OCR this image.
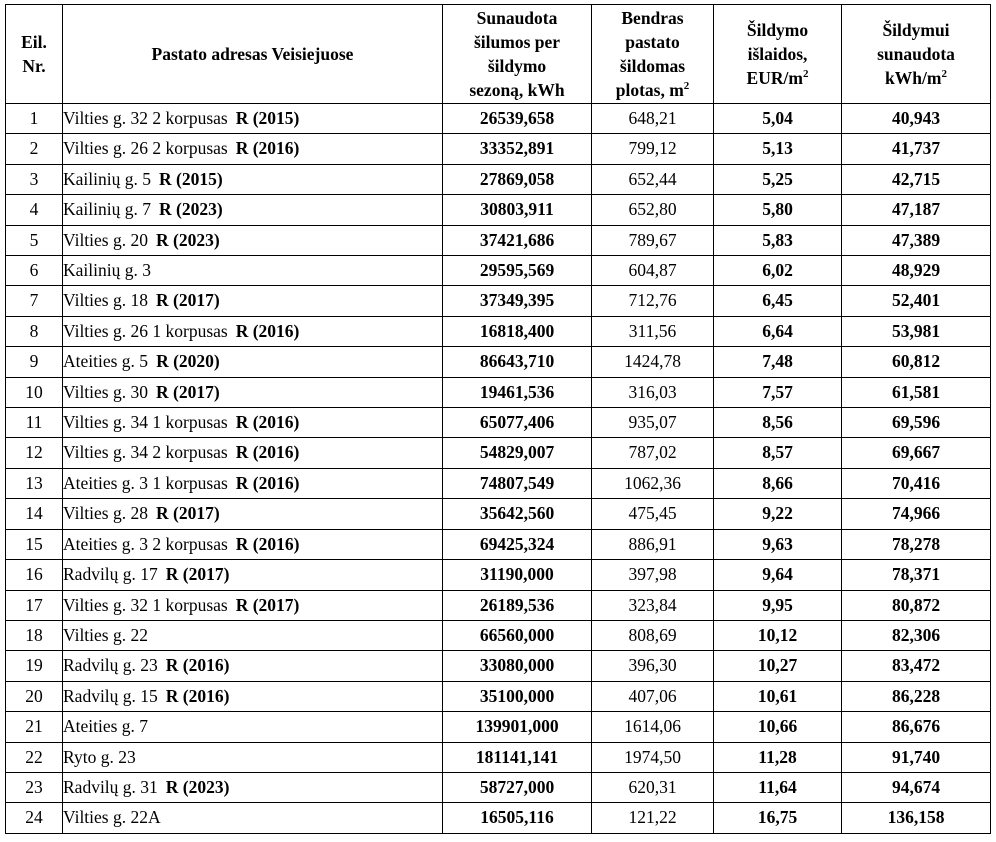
Eil.
Nr.	Pastato adresas Veisiejuose	Sunaudota
šilumos per
šildymo
sezoną, kWh	Bendras
pastato
šildomas
plotas, $m^2$	Šildymo
išlaidos,
EUR/$m^2$	Šildymui
sunaudota
kWh/$m^2$
1	Vilties g. 32 2 korpusas R (2015)	26539,658	648,21	5,04	40,943
2	Vilties g. 26 2 korpusas R (2016)	33352,891	799,12	5,13	41,737
3	Kailinių g. 5 R (2015)	27869,058	652,44	5,25	42,715
4	Kailinių g. 7 R (2023)	30803,911	652,80	5,80	47,187
5	Vilties g. 20 R (2023)	37421,686	789,67	5,83	47,389
6	Kailinių g. 3	29595,569	604,87	6,02	48,929
7	Vilties g. 18 R (2017)	37349,395	712,76	6,45	52,401
8	Vilties g. 26 1 korpusas R (2016)	16818,400	311,56	6,64	53,981
9	Ateities g. 5 R (2020)	86643,710	1424,78	7,48	60,812
10	Vilties g. 30 R (2017)	19461,536	316,03	7,57	61,581
11	Vilties g. 34 1 korpusas R (2016)	65077,406	935,07	8,56	69,596
12	Vilties g. 34 2 korpusas R (2016)	54829,007	787,02	8,57	69,667
13	Ateities g. 3 1 korpusas R (2016)	74807,549	1062,36	8,66	70,416
14	Vilties g. 28 R (2017)	35642,560	475,45	9,22	74,966
15	Ateities g. 3 2 korpusas R (2016)	69425,324	886,91	9,63	78,278
16	Radvilų g. 17 R (2017)	31190,000	397,98	9,64	78,371
17	Vilties g. 32 1 korpusas R (2017)	26189,536	323,84	9,95	80,872
18	Vilties g. 22	66560,000	808,69	10,12	82,306
19	Radvilų g. 23 R (2016)	33080,000	396,30	10,27	83,472
20	Radvilų g. 15 R (2016)	35100,000	407,06	10,61	86,228
21	Ateities g. 7	139901,000	1614,06	10,66	86,676
22	Ryto g. 23	181141,141	1974,50	11,28	91,740
23	Radvilų g. 31 R (2023)	58727,000	620,31	11,64	94,674
24	Vilties g. 22A	16505,116	121,22	16,75	136,158
